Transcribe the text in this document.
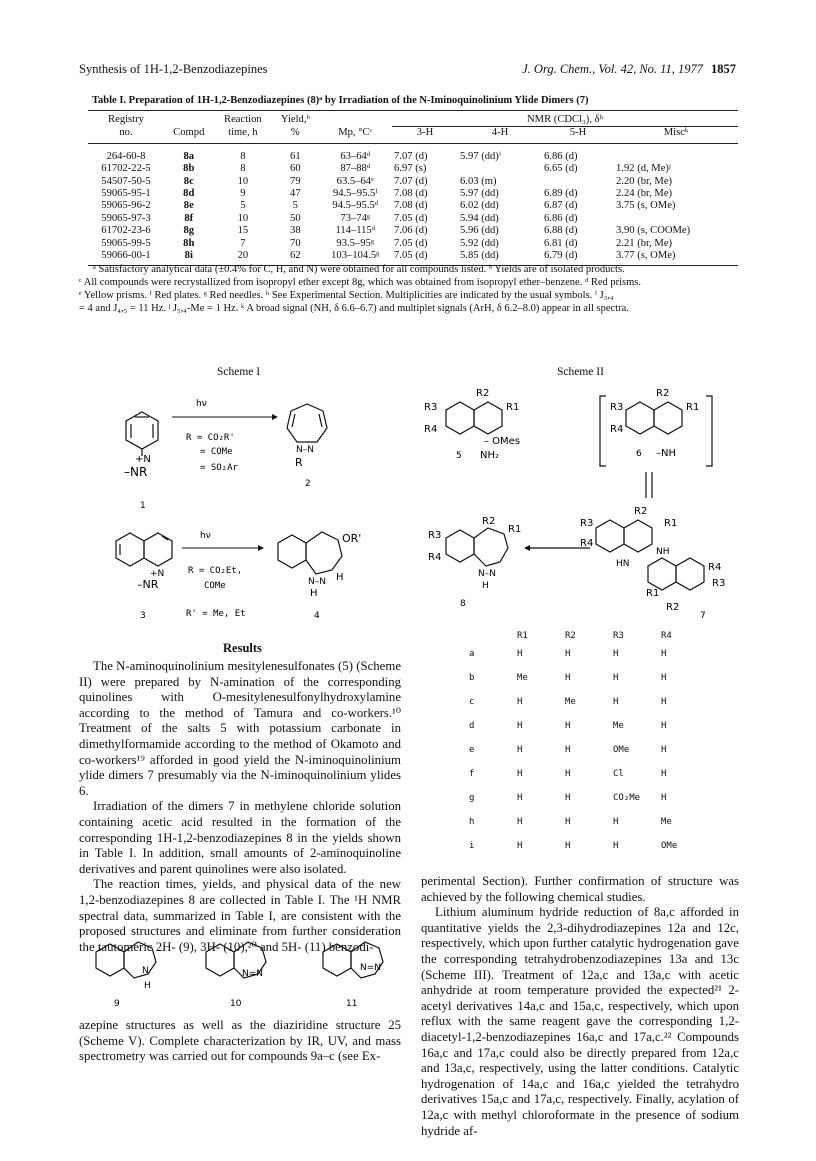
Synthesis of 1H-1,2-Benzodiazepines	J. Org. Chem., Vol. 42, No. 11, 1977 1857
Table I. Preparation of 1H-1,2-Benzodiazepines (8)ᵃ by Irradiation of the N-Iminoquinolinium Ylide Dimers (7)
Registry		Reaction	Yield,ᵇ		NMR (CDCl₃), δʰ			
no.	Compd	time, h	%	Mp, °Cᶜ	3-H	4-H	5-H	Miscᵏ
264-60-8	8a	8	61	63–64ᵈ	7.07 (d)	5.97 (dd)ⁱ	6.86 (d)	
61702-22-5	8b	8	60	87–88ᵈ	6.97 (s)		6.65 (d)	1.92 (d, Me)ʲ
54507-50-5	8c	10	79	63.5–64ᵉ	7.07 (d)	6.03 (m)		2.20 (br, Me)
59065-95-1	8d	9	47	94.5–95.5ᶠ	7.08 (d)	5.97 (dd)	6.89 (d)	2.24 (br, Me)
59065-96-2	8e	5	5	94.5–95.5ᵈ	7.08 (d)	6.02 (dd)	6.87 (d)	3.75 (s, OMe)
59065-97-3	8f	10	50	73–74ᵍ	7.05 (d)	5.94 (dd)	6.86 (d)	
61702-23-6	8g	15	38	114–115ᵈ	7.06 (d)	5.96 (dd)	6.88 (d)	3.90 (s, COOMe)
59065-99-5	8h	7	70	93.5–95ᵍ	7.05 (d)	5.92 (dd)	6.81 (d)	2.21 (br, Me)
59066-00-1	8i	20	62	103–104.5ᵍ	7.05 (d)	5.85 (dd)	6.79 (d)	3.77 (s, OMe)
ᵃ Satisfactory analytical data (±0.4% for C, H, and N) were obtained for all compounds listed. ᵇ Yields are of isolated products.
ᶜ All compounds were recrystallized from isopropyl ether except 8g, which was obtained from isopropyl ether–benzene. ᵈ Red prisms.
ᵉ Yellow prisms. ᶠ Red plates. ᵍ Red needles. ʰ See Experimental Section. Multiplicities are indicated by the usual symbols. ⁱ J₃,₄
= 4 and J₄,₅ = 11 Hz. ʲ J₅,₄-Me = 1 Hz. ᵏ A broad signal (NH, δ 6.6–6.7) and multiplet signals (ArH, δ 6.2–8.0) appear in all spectra.
Scheme I
+N
–NR
1
hν
R = CO₂R'
= COMe
= SO₂Ar
N–N
R
2
+N
–NR
3
hν
R = CO₂Et,
COMe
R' = Me, Et
OR'
N–N H
H
4
Results
The N-aminoquinolinium mesitylenesulfonates (5) (Scheme II) were prepared by N-amination of the corresponding quinolines with O-mesitylenesulfonylhydroxylamine according to the method of Tamura and co-workers.¹⁰ Treatment of the salts 5 with potassium carbonate in dimethylformamide according to the method of Okamoto and co-workers¹⁹ afforded in good yield the N-iminoquinolinium ylide dimers 7 presumably via the N-iminoquinolinium ylides 6.
Irradiation of the dimers 7 in methylene chloride solution containing acetic acid resulted in the formation of the corresponding 1H-1,2-benzodiazepines 8 in the yields shown in Table I. In addition, small amounts of 2-aminoquinoline derivatives and parent quinolines were also isolated.
The reaction times, yields, and physical data of the new 1,2-benzodiazepines 8 are collected in Table I. The ¹H NMR spectral data, summarized in Table I, are consistent with the proposed structures and eliminate from further consideration the tautomeric 2H- (9), 3H- (10),²⁰ and 5H- (11) benzodi-
N
H
N=N
N=N
9	10	11
azepine structures as well as the diaziridine structure 25 (Scheme V). Complete characterization by IR, UV, and mass spectrometry was carried out for compounds 9a–c (see Ex-
Scheme II
R3
R4
R2
R1
– OMes
NH₂
5
R3
R4
R2
R1
–NH
6
R3
R4
R2
R1
NH
HN	R4
R3
R1
R2
7
R3
R4
R2
R1
N–N
H
8
	R1	R2	R3	R4
a	H	H	H	H
b	Me	H	H	H
c	H	Me	H	H
d	H	H	Me	H
e	H	H	OMe	H
f	H	H	Cl	H
g	H	H	CO₂Me	H
h	H	H	H	Me
i	H	H	H	OMe
perimental Section). Further confirmation of structure was achieved by the following chemical studies.
Lithium aluminum hydride reduction of 8a,c afforded in quantitative yields the 2,3-dihydrodiazepines 12a and 12c, respectively, which upon further catalytic hydrogenation gave the corresponding tetrahydrobenzodiazepines 13a and 13c (Scheme III). Treatment of 12a,c and 13a,c with acetic anhydride at room temperature provided the expected²¹ 2-acetyl derivatives 14a,c and 15a,c, respectively, which upon reflux with the same reagent gave the corresponding 1,2-diacetyl-1,2-benzodiazepines 16a,c and 17a,c.²² Compounds 16a,c and 17a,c could also be directly prepared from 12a,c and 13a,c, respectively, using the latter conditions. Catalytic hydrogenation of 14a,c and 16a,c yielded the tetrahydro derivatives 15a,c and 17a,c, respectively. Finally, acylation of 12a,c with methyl chloroformate in the presence of sodium hydride af-
